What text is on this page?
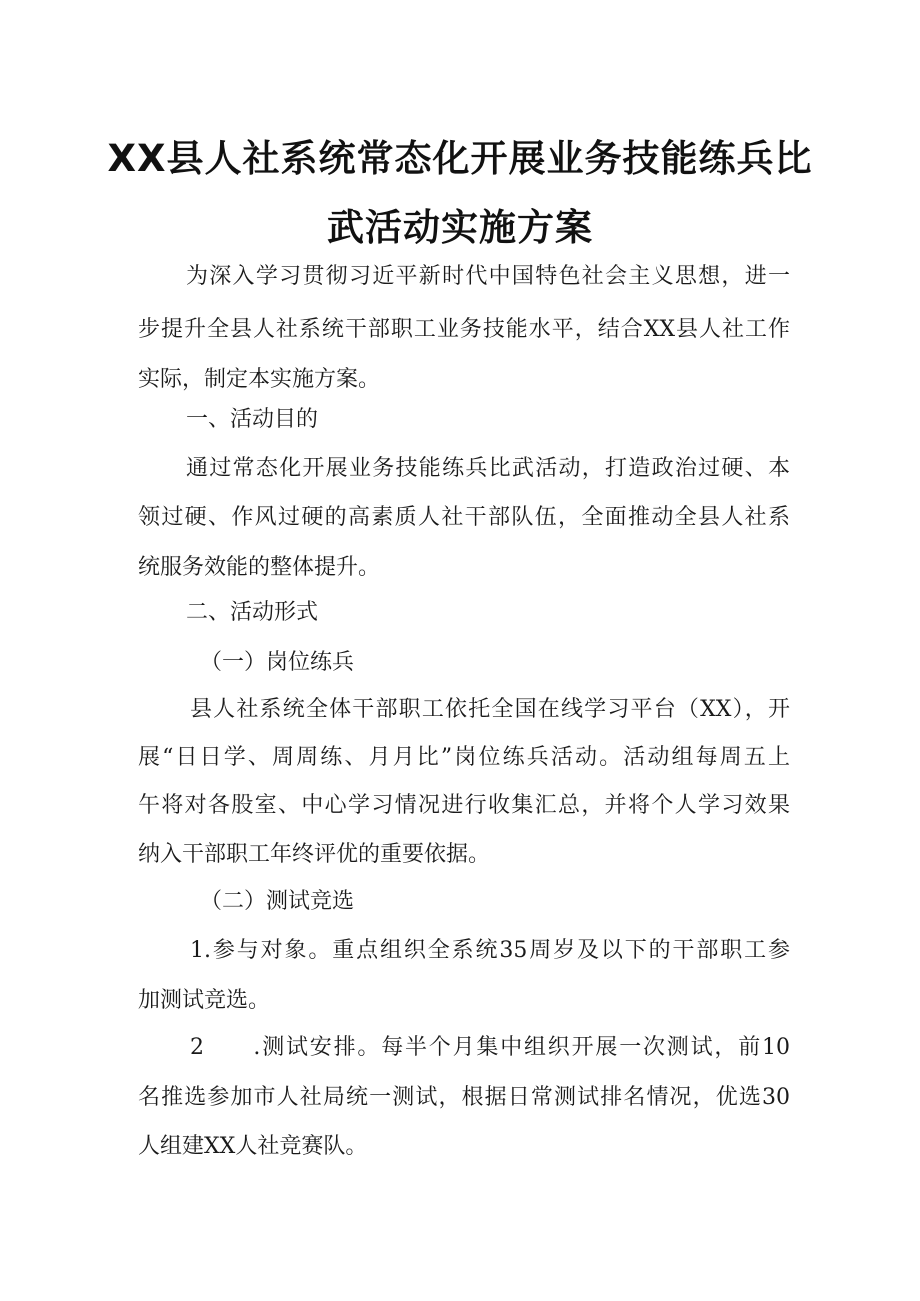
XX县人社系统常态化开展业务技能练兵比
武活动实施方案

为深入学习贯彻习近平新时代中国特色社会主义思想，进一

步提升全县人社系统干部职工业务技能水平，结合XX县人社工作

实际，制定本实施方案。

一、活动目的

通过常态化开展业务技能练兵比武活动，打造政治过硬、本

领过硬、作风过硬的高素质人社干部队伍，全面推动全县人社系

统服务效能的整体提升。

二、活动形式

（一）岗位练兵

县人社系统全体干部职工依托全国在线学习平台（XX），开

展“日日学、周周练、月月比”岗位练兵活动。活动组每周五上

午将对各股室、中心学习情况进行收集汇总，并将个人学习效果

纳入干部职工年终评优的重要依据。

（二）测试竞选

1.参与对象。重点组织全系统35周岁及以下的干部职工参

加测试竞选。

2　　.测试安排。每半个月集中组织开展一次测试，前10

名推选参加市人社局统一测试，根据日常测试排名情况，优选30

人组建XX人社竞赛队。
